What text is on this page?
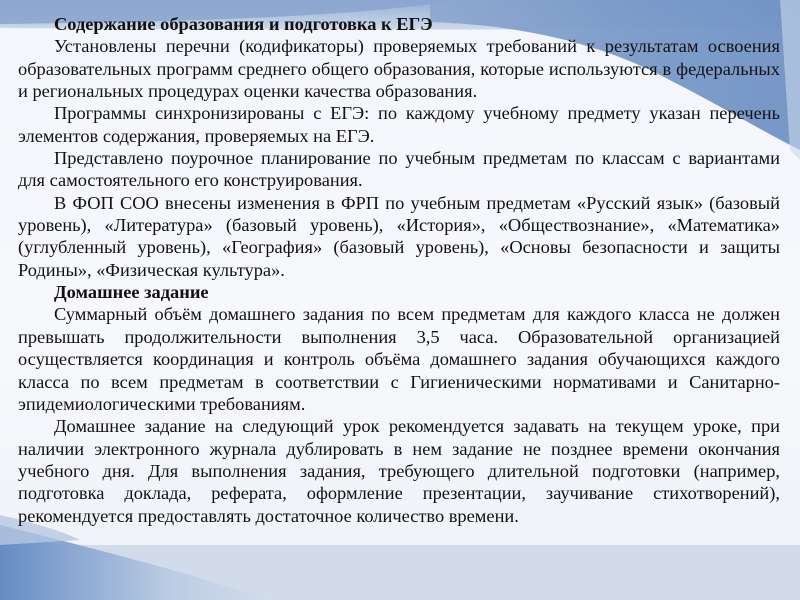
Содержание образования и подготовка к ЕГЭ

Установлены перечни (кодификаторы) проверяемых требований к результатам освоения образовательных программ среднего общего образования, которые используются в федеральных и региональных процедурах оценки качества образования.

Программы синхронизированы с ЕГЭ: по каждому учебному предмету указан перечень элементов содержания, проверяемых на ЕГЭ.

Представлено поурочное планирование по учебным предметам по классам с вариантами для самостоятельного его конструирования.

В ФОП СОО внесены изменения в ФРП по учебным предметам «Русский язык» (базовый уровень), «Литература» (базовый уровень), «История», «Обществознание», «Математика» (углубленный уровень), «География» (базовый уровень), «Основы безопасности и защиты Родины», «Физическая культура».

Домашнее задание

Суммарный объём домашнего задания по всем предметам для каждого класса не должен превышать продолжительности выполнения 3,5 часа. Образовательной организацией осуществляется координация и контроль объёма домашнего задания обучающихся каждого класса по всем предметам в соответствии с Гигиеническими нормативами и Санитарно-эпидемиологическими требованиям.

Домашнее задание на следующий урок рекомендуется задавать на текущем уроке, при наличии электронного журнала дублировать в нем задание не позднее времени окончания учебного дня. Для выполнения задания, требующего длительной подготовки (например, подготовка доклада, реферата, оформление презентации, заучивание стихотворений), рекомендуется предоставлять достаточное количество времени.
